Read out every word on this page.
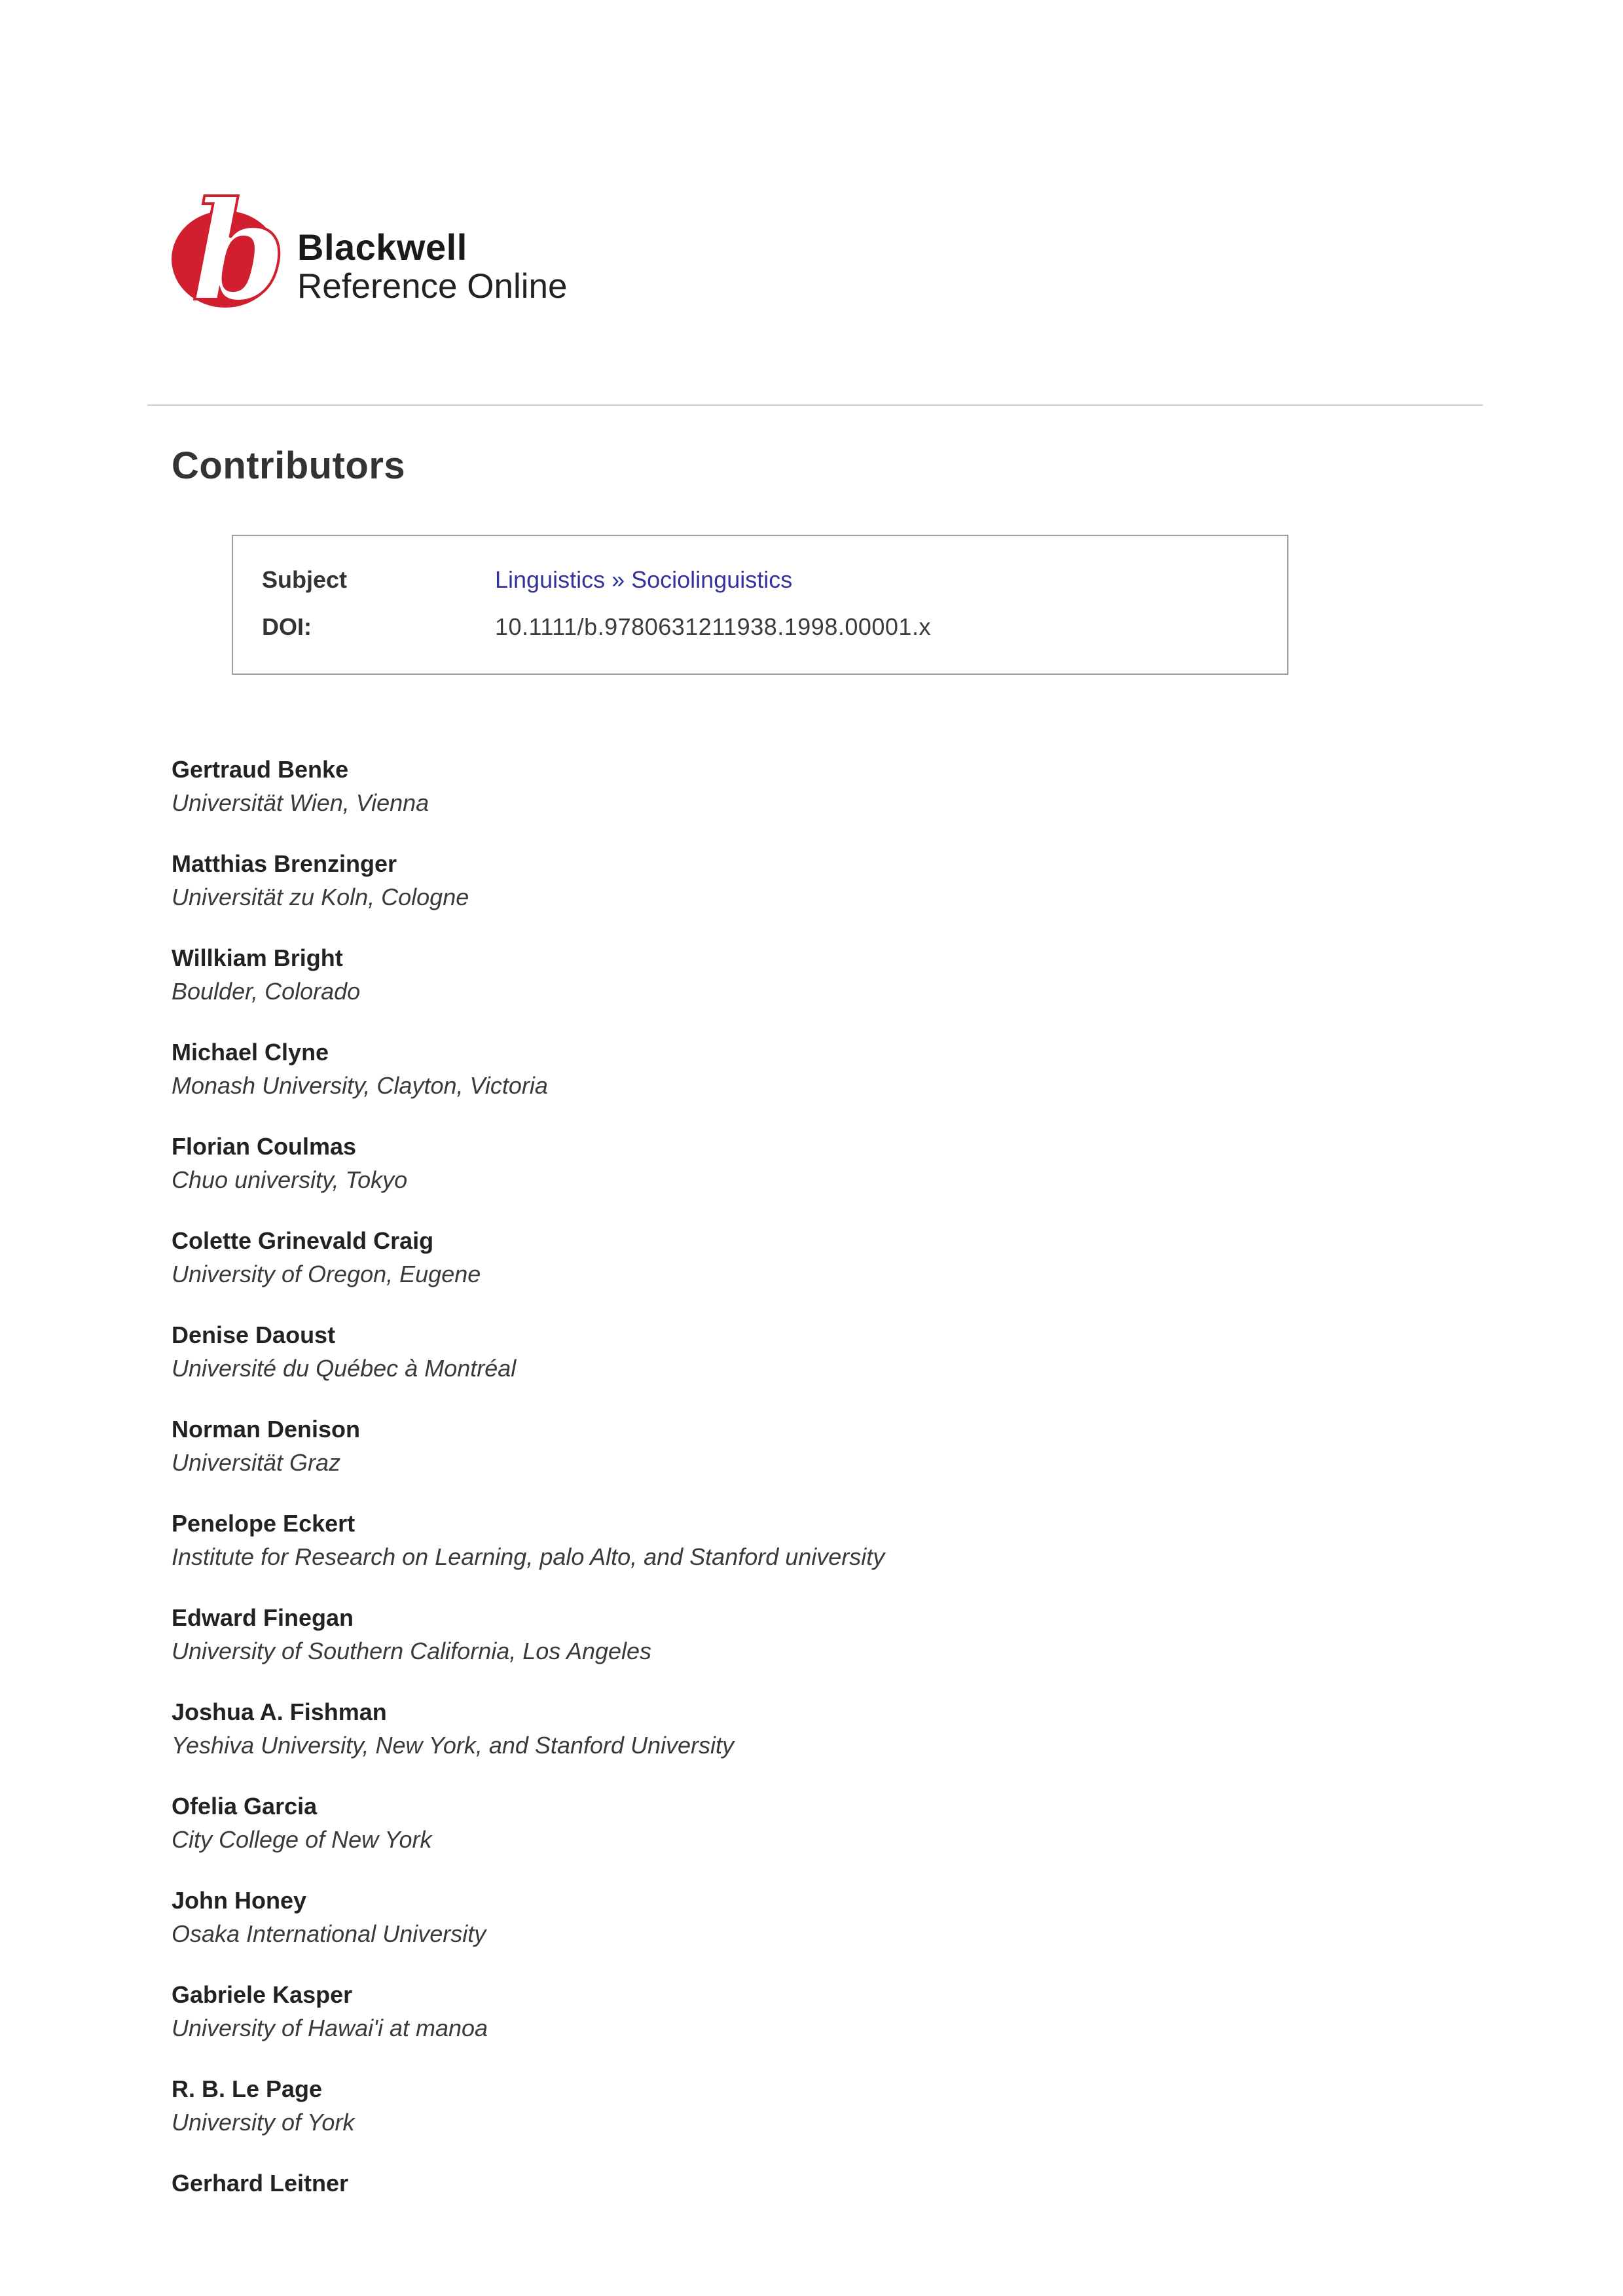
b Blackwell
Reference Online
Contributors
Subject	Linguistics » Sociolinguistics
DOI:	10.1111/b.9780631211938.1998.00001.x
Gertraud Benke
Universität Wien, Vienna
Matthias Brenzinger
Universität zu Koln, Cologne
Willkiam Bright
Boulder, Colorado
Michael Clyne
Monash University, Clayton, Victoria
Florian Coulmas
Chuo university, Tokyo
Colette Grinevald Craig
University of Oregon, Eugene
Denise Daoust
Université du Québec à Montréal
Norman Denison
Universität Graz
Penelope Eckert
Institute for Research on Learning, palo Alto, and Stanford university
Edward Finegan
University of Southern California, Los Angeles
Joshua A. Fishman
Yeshiva University, New York, and Stanford University
Ofelia Garcia
City College of New York
John Honey
Osaka International University
Gabriele Kasper
University of Hawai'i at manoa
R. B. Le Page
University of York
Gerhard Leitner
